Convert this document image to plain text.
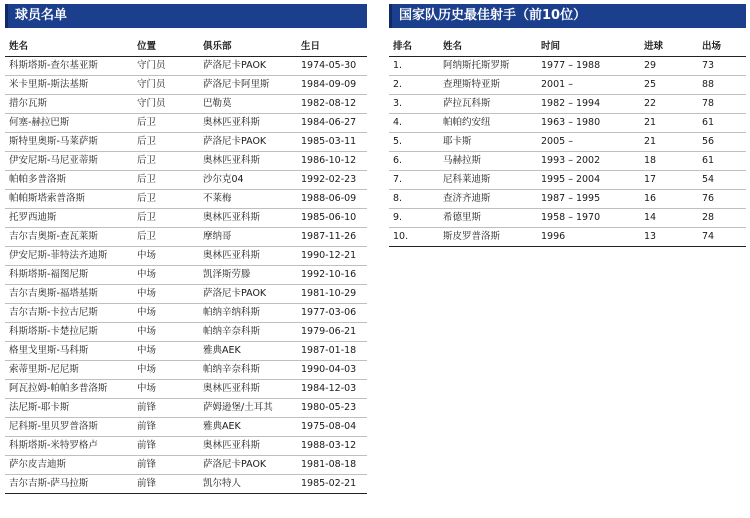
球员名单
姓名	位置	俱乐部	生日
科斯塔斯-查尔基亚斯	守门员	萨洛尼卡PAOK	1974-05-30
米卡里斯-斯法基斯	守门员	萨洛尼卡阿里斯	1984-09-09
措尔瓦斯	守门员	巴勒莫	1982-08-12
何塞-赫拉巴斯	后卫	奥林匹亚科斯	1984-06-27
斯特里奥斯-马莱萨斯	后卫	萨洛尼卡PAOK	1985-03-11
伊安尼斯-马尼亚蒂斯	后卫	奥林匹亚科斯	1986-10-12
帕帕多普洛斯	后卫	沙尔克04	1992-02-23
帕帕斯塔索普洛斯	后卫	不莱梅	1988-06-09
托罗西迪斯	后卫	奥林匹亚科斯	1985-06-10
吉尔吉奥斯-查瓦莱斯	后卫	摩纳哥	1987-11-26
伊安尼斯-菲特法齐迪斯	中场	奥林匹亚科斯	1990-12-21
科斯塔斯-福图尼斯	中场	凯泽斯劳滕	1992-10-16
吉尔吉奥斯-福塔基斯	中场	萨洛尼卡PAOK	1981-10-29
吉尔吉斯-卡拉古尼斯	中场	帕纳辛纳科斯	1977-03-06
科斯塔斯-卡楚拉尼斯	中场	帕纳辛奈科斯	1979-06-21
格里戈里斯-马科斯	中场	雅典AEK	1987-01-18
索蒂里斯-尼尼斯	中场	帕纳辛奈科斯	1990-04-03
阿瓦拉姆-帕帕多普洛斯	中场	奥林匹亚科斯	1984-12-03
法尼斯-耶卡斯	前锋	萨姆逊堡/土耳其	1980-05-23
尼科斯-里贝罗普洛斯	前锋	雅典AEK	1975-08-04
科斯塔斯-米特罗格卢	前锋	奥林匹亚科斯	1988-03-12
萨尔皮吉迪斯	前锋	萨洛尼卡PAOK	1981-08-18
吉尔吉斯-萨马拉斯	前锋	凯尔特人	1985-02-21
国家队历史最佳射手（前10位）
排名	姓名	时间	进球	出场
1.	阿纳斯托斯罗斯	1977 – 1988	29	73
2.	查理斯特亚斯	2001 –	25	88
3.	萨拉瓦科斯	1982 – 1994	22	78
4.	帕帕约安纽	1963 – 1980	21	61
5.	耶卡斯	2005 –	21	56
6.	马赫拉斯	1993 – 2002	18	61
7.	尼科莱迪斯	1995 – 2004	17	54
8.	查济齐迪斯	1987 – 1995	16	76
9.	希德里斯	1958 – 1970	14	28
10.	斯皮罗普洛斯	1996	13	74
